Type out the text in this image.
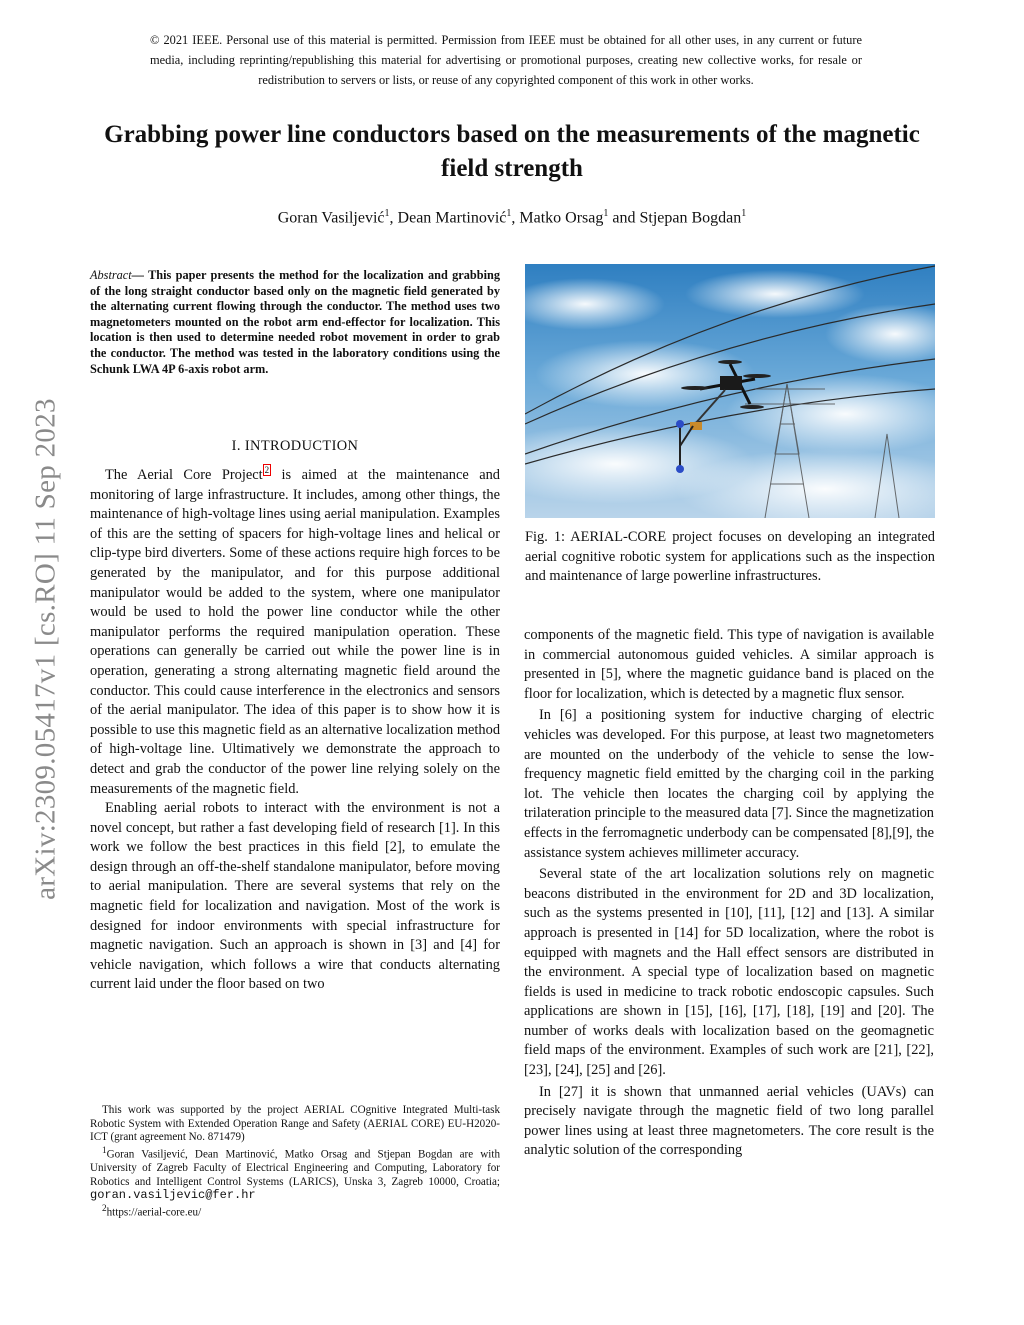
© 2021 IEEE. Personal use of this material is permitted. Permission from IEEE must be obtained for all other uses, in any current or future media, including reprinting/republishing this material for advertising or promotional purposes, creating new collective works, for resale or redistribution to servers or lists, or reuse of any copyrighted component of this work in other works.
Grabbing power line conductors based on the measurements of the magnetic field strength
Goran Vasiljević$^1$, Dean Martinović$^1$, Matko Orsag$^1$ and Stjepan Bogdan$^1$
arXiv:2309.05417v1 [cs.RO] 11 Sep 2023
Abstract— This paper presents the method for the localization and grabbing of the long straight conductor based only on the magnetic field generated by the alternating current flowing through the conductor. The method uses two magnetometers mounted on the robot arm end-effector for localization. This location is then used to determine needed robot movement in order to grab the conductor. The method was tested in the laboratory conditions using the Schunk LWA 4P 6-axis robot arm.
I. INTRODUCTION

The Aerial Core Project $^2$ is aimed at the maintenance and monitoring of large infrastructure. It includes, among other things, the maintenance of high-voltage lines using aerial manipulation. Examples of this are the setting of spacers for high-voltage lines and helical or clip-type bird diverters. Some of these actions require high forces to be generated by the manipulator, and for this purpose additional manipulator would be added to the system, where one manipulator would be used to hold the power line conductor while the other manipulator performs the required manipulation operation. These operations can generally be carried out while the power line is in operation, generating a strong alternating magnetic field around the conductor. This could cause interference in the electronics and sensors of the aerial manipulator. The idea of this paper is to show how it is possible to use this magnetic field as an alternative localization method of high-voltage line. Ultimatively we demonstrate the approach to detect and grab the conductor of the power line relying solely on the measurements of the magnetic field.

Enabling aerial robots to interact with the environment is not a novel concept, but rather a fast developing field of research [1]. In this work we follow the best practices in this field [2], to emulate the design through an off-the-shelf standalone manipulator, before moving to aerial manipulation. There are several systems that rely on the magnetic field for localization and navigation. Most of the work is designed for indoor environments with special infrastructure for magnetic navigation. Such an approach is shown in [3] and [4] for vehicle navigation, which follows a wire that conducts alternating current laid under the floor based on two

This work was supported by the project AERIAL COgnitive Integrated Multi-task Robotic System with Extended Operation Range and Safety (AERIAL CORE) EU-H2020-ICT (grant agreement No. 871479)

$^1$Goran Vasiljević, Dean Martinović, Matko Orsag and Stjepan Bogdan are with University of Zagreb Faculty of Electrical Engineering and Computing, Laboratory for Robotics and Intelligent Control Systems (LARICS), Unska 3, Zagreb 10000, Croatia; goran.vasiljevic@fer.hr

$^2$https://aerial-core.eu/

Fig. 1: AERIAL-CORE project focuses on developing an integrated aerial cognitive robotic system for applications such as the inspection and maintenance of large powerline infrastructures.

components of the magnetic field. This type of navigation is available in commercial autonomous guided vehicles. A similar approach is presented in [5], where the magnetic guidance band is placed on the floor for localization, which is detected by a magnetic flux sensor.

In [6] a positioning system for inductive charging of electric vehicles was developed. For this purpose, at least two magnetometers are mounted on the underbody of the vehicle to sense the low-frequency magnetic field emitted by the charging coil in the parking lot. The vehicle then locates the charging coil by applying the trilateration principle to the measured data [7]. Since the magnetization effects in the ferromagnetic underbody can be compensated [8],[9], the assistance system achieves millimeter accuracy.

Several state of the art localization solutions rely on magnetic beacons distributed in the environment for 2D and 3D localization, such as the systems presented in [10], [11], [12] and [13]. A similar approach is presented in [14] for 5D localization, where the robot is equipped with magnets and the Hall effect sensors are distributed in the environment. A special type of localization based on magnetic fields is used in medicine to track robotic endoscopic capsules. Such applications are shown in [15], [16], [17], [18], [19] and [20]. The number of works deals with localization based on the geomagnetic field maps of the environment. Examples of such work are [21], [22], [23], [24], [25] and [26].

In [27] it is shown that unmanned aerial vehicles (UAVs) can precisely navigate through the magnetic field of two long parallel power lines using at least three magnetometers. The core result is the analytic solution of the corresponding
